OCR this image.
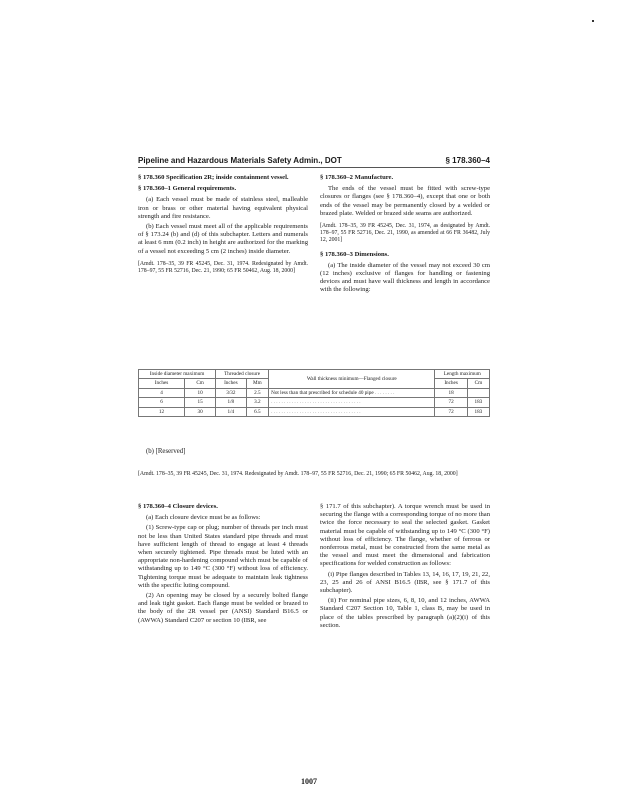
Pipeline and Hazardous Materials Safety Admin., DOT	§ 178.360–4
§ 178.360 Specification 2R; inside containment vessel.
§ 178.360–1 General requirements.

(a) Each vessel must be made of stainless steel, malleable iron or brass or other material having equivalent physical strength and fire resistance.

(b) Each vessel must meet all of the applicable requirements of § 173.24 (b) and (d) of this subchapter. Letters and numerals at least 6 mm (0.2 inch) in height are authorized for the marking of a vessel not exceeding 5 cm (2 inches) inside diameter.

[Amdt. 178–35, 39 FR 45245, Dec. 31, 1974. Redesignated by Amdt. 178–97, 55 FR 52716, Dec. 21, 1990; 65 FR 50462, Aug. 18, 2000]

§ 178.360–2 Manufacture.

The ends of the vessel must be fitted with screw-type closures or flanges (see § 178.360–4), except that one or both ends of the vessel may be permanently closed by a welded or brazed plate. Welded or brazed side seams are authorized.

[Amdt. 178–35, 39 FR 45245, Dec. 31, 1974, as designated by Amdt. 178–97, 55 FR 52716, Dec. 21, 1990, as amended at 66 FR 36482, July 12, 2001]

§ 178.360–3 Dimensions.

(a) The inside diameter of the vessel may not exceed 30 cm (12 inches) exclusive of flanges for handling or fastening devices and must have wall thickness and length in accordance with the following:

Inside diameter maximum		Threaded closure		Wall thickness minimum—Flanged closure	Length maximum	
Inches	Cm	Inches	Mm		Inches	Cm
4	10	3/32	2.5	Not less than that prescribed for schedule 40 pipe . . . . . . . .	18	
6	15	1/8	3.2	. . . . . . . . . . . . . . . . . . . . . . . . . . . . . . . . . . .	72	183
12	30	1/4	6.5	. . . . . . . . . . . . . . . . . . . . . . . . . . . . . . . . . . .	72	183
(b) [Reserved]
[Amdt. 178–35, 39 FR 45245, Dec. 31, 1974. Redesignated by Amdt. 178–97, 55 FR 52716, Dec. 21, 1990; 65 FR 50462, Aug. 18, 2000]
§ 178.360–4 Closure devices.

(a) Each closure device must be as follows:

(1) Screw-type cap or plug; number of threads per inch must not be less than United States standard pipe threads and must have sufficient length of thread to engage at least 4 threads when securely tightened. Pipe threads must be luted with an appropriate non-hardening compound which must be capable of withstanding up to 149 °C (300 °F) without loss of efficiency. Tightening torque must be adequate to maintain leak tightness with the specific luting compound.

(2) An opening may be closed by a securely bolted flange and leak tight gasket. Each flange must be welded or brazed to the body of the 2R vessel per (ANSI) Standard B16.5 or (AWWA) Standard C207 or section 10 (IBR, see

§ 171.7 of this subchapter). A torque wrench must be used in securing the flange with a corresponding torque of no more than twice the force necessary to seal the selected gasket. Gasket material must be capable of withstanding up to 149 °C (300 °F) without loss of efficiency. The flange, whether of ferrous or nonferrous metal, must be constructed from the same metal as the vessel and must meet the dimensional and fabrication specifications for welded construction as follows:

(i) Pipe flanges described in Tables 13, 14, 16, 17, 19, 21, 22, 23, 25 and 26 of ANSI B16.5 (IBR, see § 171.7 of this subchapter).

(ii) For nominal pipe sizes, 6, 8, 10, and 12 inches, AWWA Standard C207 Section 10, Table 1, class B, may be used in place of the tables prescribed by paragraph (a)(2)(i) of this section.

1007
